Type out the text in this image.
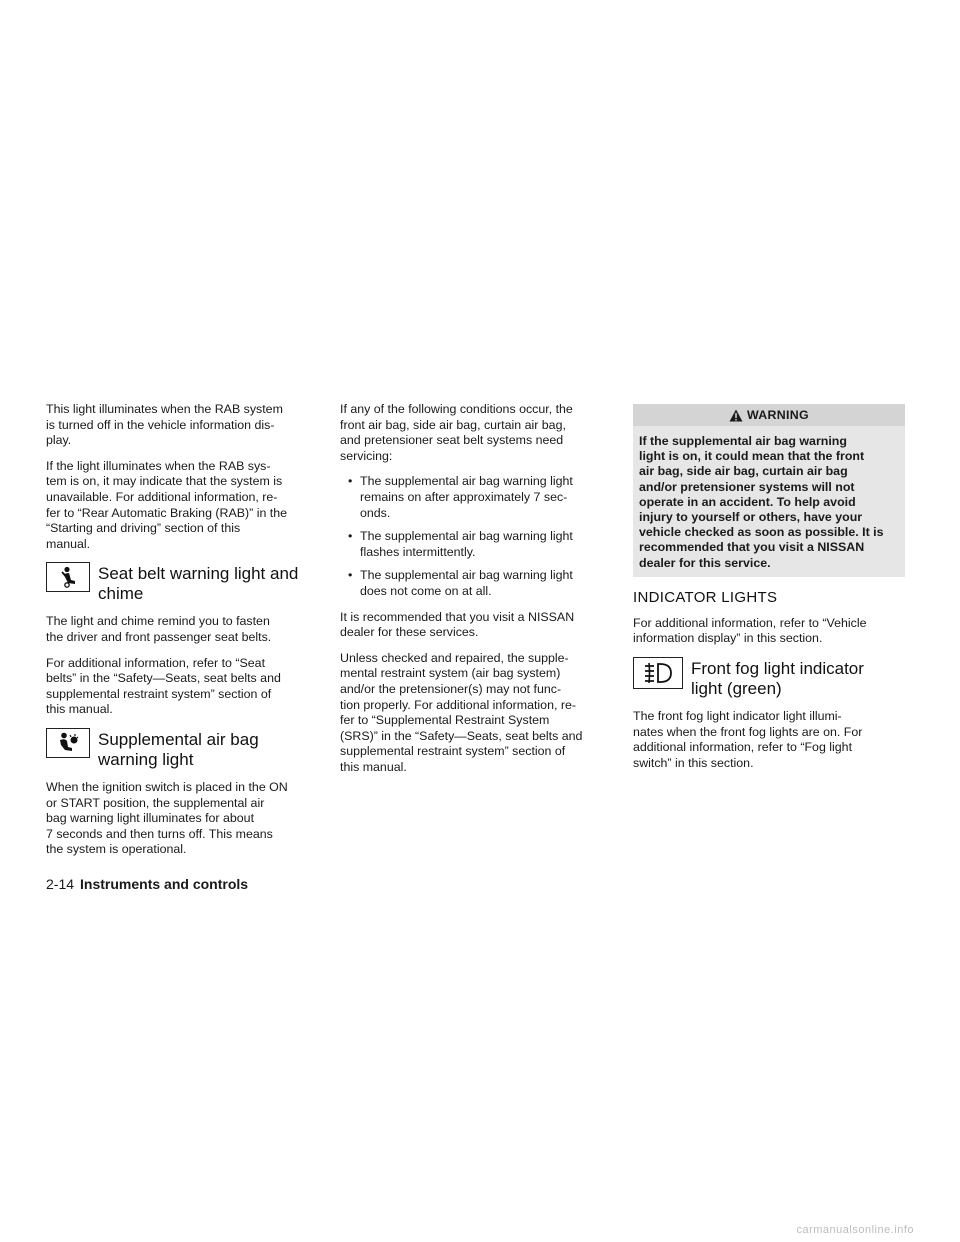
This light illuminates when the RAB system
is turned off in the vehicle information dis-
play.

If the light illuminates when the RAB sys-
tem is on, it may indicate that the system is
unavailable. For additional information, re-
fer to “Rear Automatic Braking (RAB)” in the
“Starting and driving” section of this
manual.

Seat belt warning light and
chime

The light and chime remind you to fasten
the driver and front passenger seat belts.

For additional information, refer to “Seat
belts” in the “Safety—Seats, seat belts and
supplemental restraint system” section of
this manual.

Supplemental air bag
warning light

When the ignition switch is placed in the ON
or START position, the supplemental air
bag warning light illuminates for about
7 seconds and then turns off. This means
the system is operational.

If any of the following conditions occur, the
front air bag, side air bag, curtain air bag,
and pretensioner seat belt systems need
servicing:

• The supplemental air bag warning light
remains on after approximately 7 sec-
onds.
• The supplemental air bag warning light
flashes intermittently.
• The supplemental air bag warning light
does not come on at all.

It is recommended that you visit a NISSAN
dealer for these services.

Unless checked and repaired, the supple-
mental restraint system (air bag system)
and/or the pretensioner(s) may not func-
tion properly. For additional information, re-
fer to “Supplemental Restraint System
(SRS)” in the “Safety—Seats, seat belts and
supplemental restraint system” section of
this manual.

WARNING
If the supplemental air bag warning
light is on, it could mean that the front
air bag, side air bag, curtain air bag
and/or pretensioner systems will not
operate in an accident. To help avoid
injury to yourself or others, have your
vehicle checked as soon as possible. It is
recommended that you visit a NISSAN
dealer for this service.
INDICATOR LIGHTS

For additional information, refer to “Vehicle
information display” in this section.

Front fog light indicator
light (green)

The front fog light indicator light illumi-
nates when the front fog lights are on. For
additional information, refer to “Fog light
switch” in this section.

2-14 Instruments and controls
carmanualsonline.info
